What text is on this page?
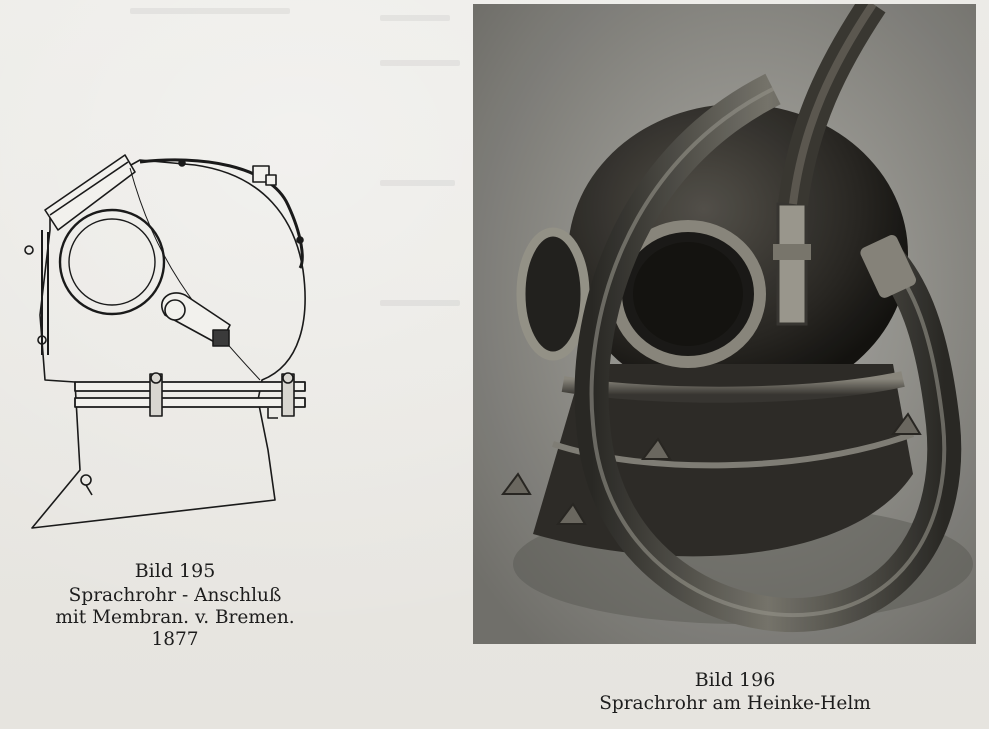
Bild 195
Sprachrohr - Anschluß
mit Membran. v. Bremen.
1877
Bild 196
Sprachrohr am Heinke-Helm
